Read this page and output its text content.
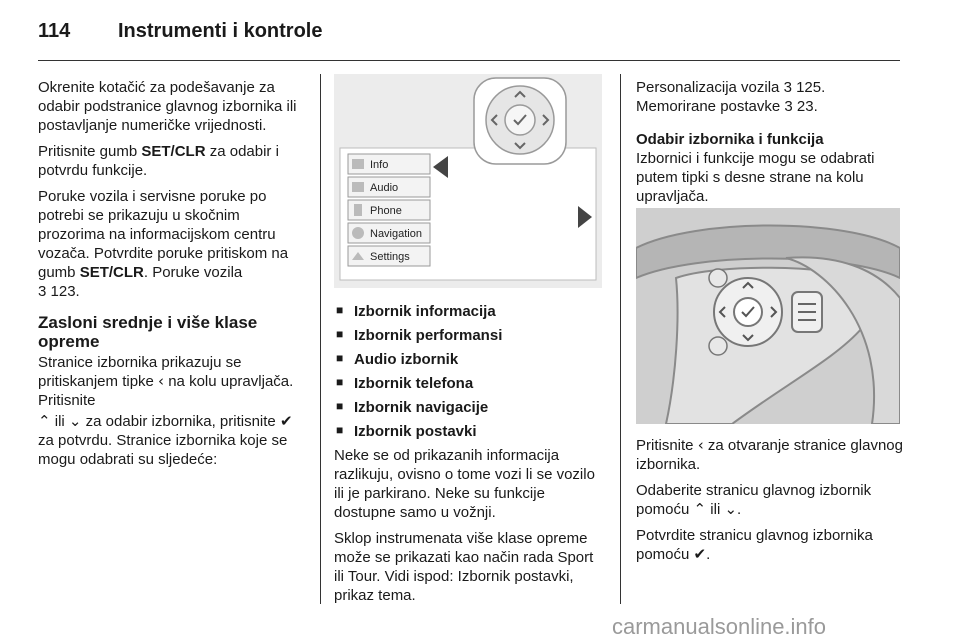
114 Instrumenti i kontrole

Okrenite kotačić za podešavanje za odabir podstranice glavnog izbornika ili postavljanje numeričke vrijednosti.

Pritisnite gumb SET/CLR za odabir i potvrdu funkcije.

Poruke vozila i servisne poruke po potrebi se prikazuju u skočnim prozorima na informacijskom centru vozača. Potvrdite poruke pritiskom na gumb SET/CLR. Poruke vozila
3 123.

Zasloni srednje i više klase opreme

Stranice izbornika prikazuju se pritiskanjem tipke ‹ na kolu upravljača. Pritisnite

⌃ ili ⌄ za odabir izbornika, pritisnite ✔ za potvrdu. Stranice izbornika koje se mogu odabrati su sljedeće:

Info
Audio
Phone
Navigation
Settings
■ Izbornik informacija
■ Izbornik performansi
■ Audio izbornik
■ Izbornik telefona
■ Izbornik navigacije
■ Izbornik postavki

Neke se od prikazanih informacija razlikuju, ovisno o tome vozi li se vozilo ili je parkirano. Neke su funkcije dostupne samo u vožnji.

Sklop instrumenata više klase opreme može se prikazati kao način rada Sport ili Tour. Vidi ispod: Izbornik postavki, prikaz tema.

Personalizacija vozila 3 125.

Memorirane postavke 3 23.

Odabir izbornika i funkcija

Izbornici i funkcije mogu se odabrati putem tipki s desne strane na kolu upravljača.

Pritisnite ‹ za otvaranje stranice glavnog izbornika.

Odaberite stranicu glavnog izbornik pomoću ⌃ ili ⌄.

Potvrdite stranicu glavnog izbornika pomoću ✔.

carmanualsonline.info
